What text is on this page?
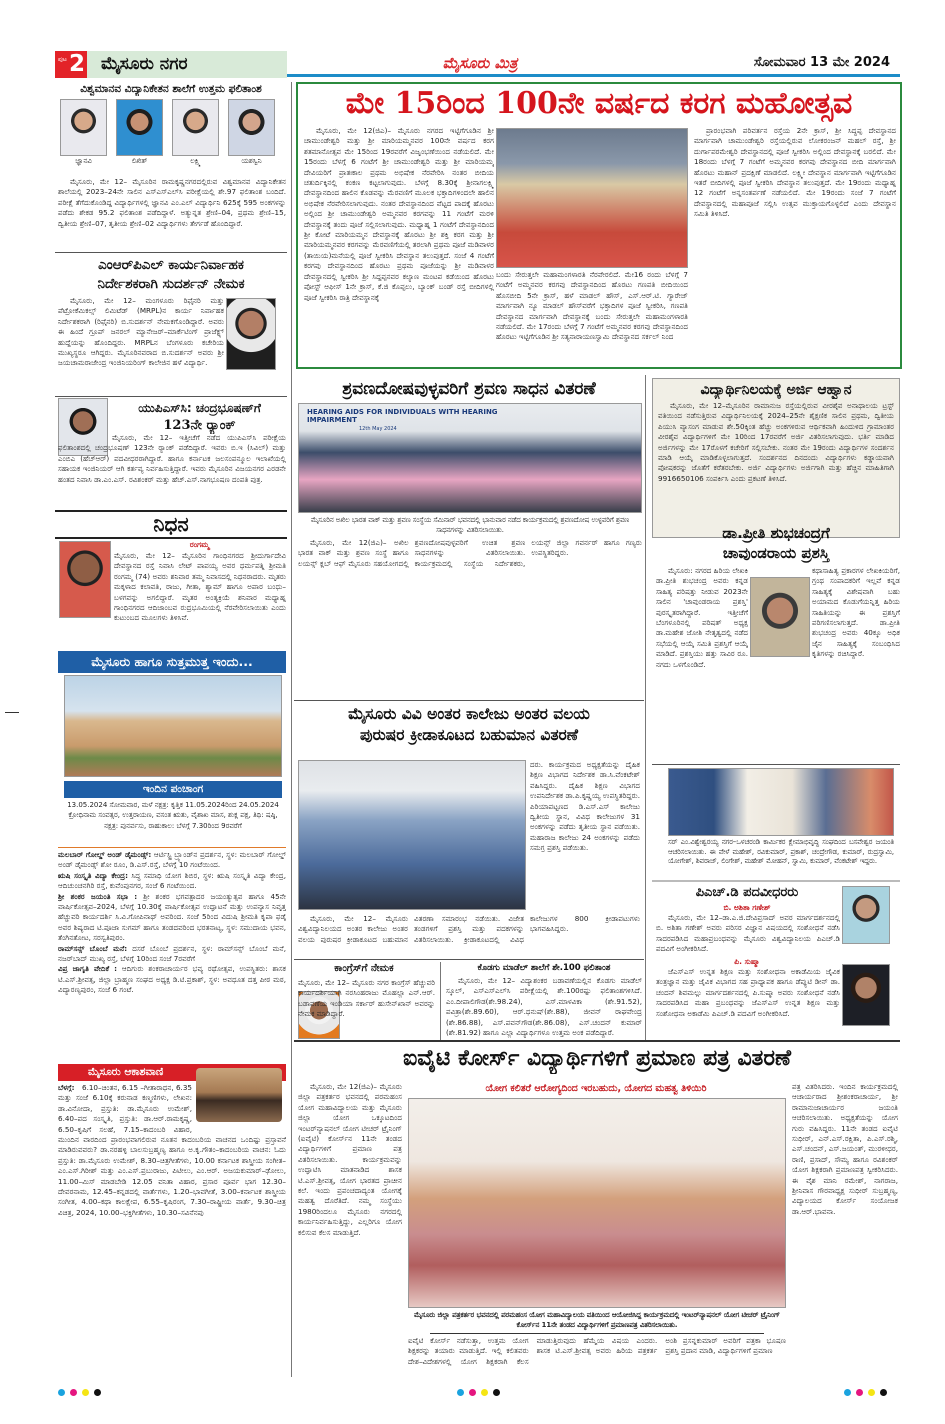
ಪುಟ 2 ಮೈಸೂರು ನಗರ	ಮೈಸೂರು ಮಿತ್ರ	ಸೋಮವಾರ 13 ಮೇ 2024
ವಿಶ್ವಮಾನವ ವಿದ್ಯಾನಿಕೇತನ ಶಾಲೆಗೆ ಉತ್ತಮ ಫಲಿತಾಂಶ
ಜ್ಞಾನವಿ	ಲಿಖಿತ್	ಲಕ್ಷ್ಮಿ	ಯಶಸ್ವಿನಿ

ಮೈಸೂರು, ಮೇ 12– ಮೈಸೂರಿನ ರಾಮಕೃಷ್ಣನಗರದಲ್ಲಿರುವ ವಿಶ್ವಮಾನವ ವಿದ್ಯಾನಿಕೇತನ ಶಾಲೆಯಲ್ಲಿ 2023–24ನೇ ಸಾಲಿನ ಎಸ್‌ಎಸ್‌ಎಲ್‌ಸಿ ಪರೀಕ್ಷೆಯಲ್ಲಿ ಶೇ.97 ಫಲಿತಾಂಶ ಬಂದಿದೆ. ಪರೀಕ್ಷೆ ತೆಗೆದುಕೊಂಡಿದ್ದ ವಿದ್ಯಾರ್ಥಿಗಳಲ್ಲಿ ಜ್ಞಾನವಿ ಎಂ.ಎಲ್ ವಿದ್ಯಾರ್ಥಿನಿ 625ಕ್ಕೆ 595 ಅಂಕಗಳನ್ನು ಪಡೆದು ಶೇಕಡ 95.2 ಫಲಿತಾಂಶ ಪಡೆದಿದ್ದಾಳೆ. ಅತ್ಯುನ್ನತ ಶ್ರೇಣಿ–04, ಪ್ರಥಮ ಶ್ರೇಣಿ–15, ದ್ವಿತೀಯ ಶ್ರೇಣಿ–07, ತೃತೀಯ ಶ್ರೇಣಿ–02 ವಿದ್ಯಾರ್ಥಿಗಳು ತೇರ್ಗಡೆ ಹೊಂದಿದ್ದಾರೆ.

ಎಂಆರ್‌ಪಿಎಲ್ ಕಾರ್ಯನಿರ್ವಾಹಕ
ನಿರ್ದೇಶಕರಾಗಿ ಸುದರ್ಶನ್ ನೇಮಕ

ಮೈಸೂರು, ಮೇ 12– ಮಂಗಳೂರು ರಿಫೈನರಿ ಮತ್ತು ಪೆಟ್ರೋಕೆಮಿಕಲ್ಸ್ ಲಿಮಿಟೆಡ್ (MRPL)ನ ಕಾರ್ಯ ನಿರ್ವಾಹಕ ನಿರ್ದೇಶಕರಾಗಿ (ರಿಫೈನರಿ) ಬಿ.ಸುದರ್ಶನ್ ನೇಮಕಗೊಂಡಿದ್ದಾರೆ. ಅವರು ಈ ಹಿಂದೆ ಗ್ರೂಪ್ ಜನರಲ್ ಮ್ಯಾನೇಜರ್–ಮಾರ್ಕೆಟಿಂಗ್ ಪ್ರಾಜೆಕ್ಟ್ಸ್ ಹುದ್ದೆಯನ್ನು ಹೊಂದಿದ್ದರು. MRPLನ ಬೆಂಗಳೂರು ಕಚೇರಿಯ ಮುಖ್ಯಸ್ಥರೂ ಆಗಿದ್ದರು. ಮೈಸೂರಿನವರಾದ ಬಿ.ಸುದರ್ಶನ್ ಅವರು ಶ್ರೀ ಜಯಚಾಮರಾಜೇಂದ್ರ ಇಂಜಿನಿಯರಿಂಗ್ ಕಾಲೇಜಿನ ಹಳೆ ವಿದ್ಯಾರ್ಥಿ.

ಯುಪಿಎಸ್‌ಸಿ: ಚಂದ್ರಭೂಷಣ್‌ಗೆ
123ನೇ ರ್‍ಯಾಂಕ್

ಮೈಸೂರು, ಮೇ 12– ಇತ್ತೀಚೆಗೆ ನಡೆದ ಯುಪಿಎಸ್‌ಸಿ ಪರೀಕ್ಷೆಯ ಫಲಿತಾಂಶದಲ್ಲಿ ಚಂದ್ರಭೂಷಣ್ 123ನೇ ರ್‍ಯಾಂಕ್ ಪಡೆದಿದ್ದಾರೆ. ಇವರು ಬಿ.ಇ (ಸಿವಿಲ್) ಮತ್ತು ಎಂಬಿಎ (ಹೆಚ್‌ಆರ್) ಪದವೀಧರರಾಗಿದ್ದಾರೆ. ಹಾಗೂ ಕರ್ನಾಟಕ ಜಲಸಂಪನ್ಮೂಲ ಇಲಾಖೆಯಲ್ಲಿ ಸಹಾಯಕ ಇಂಜಿನಿಯರ್ ಆಗಿ ಕರ್ತವ್ಯ ನಿರ್ವಹಿಸುತ್ತಿದ್ದಾರೆ. ಇವರು ಮೈಸೂರಿನ ವಿಜಯನಗರ ಎರಡನೇ ಹಂತದ ನಿವಾಸಿ ಡಾ.ಎಂ.ಎಸ್. ರವಿಶಂಕರ್ ಮತ್ತು ಹೆಚ್.ಎಸ್.ನಾಗಭೂಷಣ ದಂಪತಿ ಪುತ್ರ.

ನಿಧನ
ರಂಗಮ್ಮ

ಮೈಸೂರು, ಮೇ 12– ಮೈಸೂರಿನ ಗಾಂಧಿನಗರದ ಶ್ರೀದುರ್ಗಾದೇವಿ ದೇವಸ್ಥಾನದ ರಸ್ತೆ ನಿವಾಸಿ ಲೇಟ್ ಪಾಪಯ್ಯ ಅವರ ಧರ್ಮಪತ್ನಿ ಶ್ರೀಮತಿ ರಂಗಮ್ಮ (74) ಅವರು ಶನಿವಾರ ತಮ್ಮ ನಿವಾಸದಲ್ಲಿ ನಿಧನರಾದರು. ಮೃತರು ಮಕ್ಕಳಾದ ಕಲಾವತಿ, ರಾಜು, ಗೀತಾ, ಶ್ಯಾಮ್ ಹಾಗೂ ಅಪಾರ ಬಂಧು–ಬಳಗವನ್ನು ಅಗಲಿದ್ದಾರೆ. ಮೃತರ ಅಂತ್ಯಕ್ರಿಯೆ ಶನಿವಾರ ಮಧ್ಯಾಹ್ನ ಗಾಂಧಿನಗರದ ಆದಿಜಾಂಬವ ರುದ್ರಭೂಮಿಯಲ್ಲಿ ನೆರವೇರಿಸಲಾಯಿತು ಎಂದು ಕುಟುಂಬದ ಮೂಲಗಳು ತಿಳಿಸಿವೆ.

ಮೈಸೂರು ಹಾಗೂ ಸುತ್ತಮುತ್ತ ಇಂದು...
ಇಂದಿನ ಪಂಚಾಂಗ
13.05.2024 ಸೋಮವಾರ, ಮಳೆ ನಕ್ಷತ್ರ: ಕೃತ್ತಿಕ 11.05.2024ರಿಂದ 24.05.2024 ಕ್ರೋಧಿನಾಮ ಸಂವತ್ಸರ, ಉತ್ತರಾಯಣ, ವಸಂತ ಋತು, ವೈಶಾಖ ಮಾಸ, ಶುಕ್ಲ ಪಕ್ಷ, ತಿಥಿ: ಷಷ್ಠಿ, ನಕ್ಷತ್ರ: ಪುನರ್ವಸು, ರಾಹುಕಾಲ: ಬೆಳಗ್ಗೆ 7.30ರಿಂದ 9ರವರೆಗೆ
ಮಲಬಾರ್ ಗೋಲ್ಡ್ ಅಂಡ್ ಡೈಮಂಡ್ಸ್: ಆರ್ಟಿಸ್ಟ್ರಿ ಬ್ರ್ಯಾಂಡ್‌ನ ಪ್ರದರ್ಶನ, ಸ್ಥಳ: ಮಲಬಾರ್ ಗೋಲ್ಡ್ ಅಂಡ್ ಡೈಮಂಡ್ಸ್ ಶೋ ರೂಂ, ಡಿ.ಎಸ್.ರಸ್ತೆ, ಬೆಳಗ್ಗೆ 10 ಗಂಟೆಯಿಂದ.
ಋಷಿ ಸಂಸ್ಕೃತಿ ವಿದ್ಯಾ ಕೇಂದ್ರ: ಸಿದ್ಧ ಸಮಾಧಿ ಯೋಗ ಶಿಬಿರ, ಸ್ಥಳ: ಋಷಿ ಸಂಸ್ಕೃತಿ ವಿದ್ಯಾ ಕೇಂದ್ರ, ಆದಿಚುಂಚನಗಿರಿ ರಸ್ತೆ, ಕುವೆಂಪುನಗರ, ಸಂಜೆ 6 ಗಂಟೆಯಿಂದ.
ಶ್ರೀ ಶಂಕರ ಜಯಂತಿ ಸಭಾ : ಶ್ರೀ ಶಂಕರ ಭಗವತ್ಪಾದರ ಜಯಂತ್ಯುತ್ಸವ ಹಾಗೂ 45ನೇ ವಾರ್ಷಿಕೋತ್ಸವ–2024, ಬೆಳಗ್ಗೆ 10.30ಕ್ಕೆ ವಾರ್ಷಿಕೋತ್ಸವ ಉದ್ಘಾಟನೆ ಮತ್ತು ಉಪನ್ಯಾಸ ನಿವೃತ್ತ ಹೆಚ್ಚುವರಿ ಕಾರ್ಯದರ್ಶಿ ಸಿ.ವಿ.ಗೋಪಿನಾಥ್ ಅವರಿಂದ. ಸಂಜೆ 5ರಿಂದ ವಿದುಷಿ ಶ್ರೀಮತಿ ಕೃಪಾ ಫಡ್ಕೆ ಅವರ ಶಿಷ್ಯರಾದ ಟಿ.ಪೂಜಾ ಸುಗಮ್ ಹಾಗೂ ತಂಡದವರಿಂದ ಭರತನಾಟ್ಯ, ಸ್ಥಳ: ಸಮುದಾಯ ಭವನ, ತೆಂಗಿನತೋಟ, ಸರಸ್ವತಿಪುರಂ.
ರಾಮ್‌ಸನ್ಸ್ ಬೊಂಬೆ ಮನೆ: ದಸರೆ ಬೊಂಬೆ ಪ್ರದರ್ಶನ, ಸ್ಥಳ: ರಾಮ್‌ಸನ್ಸ್ ಬೊಂಬೆ ಮನೆ, ನಜರ್‌ಬಾದ್ ಮುಖ್ಯ ರಸ್ತೆ, ಬೆಳಗ್ಗೆ 10ರಿಂದ ಸಂಜೆ 7ರವರೆಗೆ
ವಿಪ್ರ ಜಾಗೃತಿ ವೇದಿಕೆ : ಆದಿಗುರು ಶಂಕರಾಚಾರ್ಯರ ಭವ್ಯ ರಥೋತ್ಸವ, ಉಪಸ್ಥಿತರು: ಶಾಸಕ ಟಿ.ಎಸ್.ಶ್ರೀವತ್ಸ, ಜಿಲ್ಲಾ ಬ್ರಾಹ್ಮಣ ಸಂಘದ ಅಧ್ಯಕ್ಷ ಡಿ.ಟಿ.ಪ್ರಕಾಶ್, ಸ್ಥಳ: ಅವಧೂತ ದತ್ತ ಪೀಠ ಮಠ, ವಿದ್ಯಾರಣ್ಯಪುರಂ, ಸಂಜೆ 6 ಗಂಟೆ.
ಮೈಸೂರು ಆಕಾಶವಾಣಿ
ಬೆಳಗ್ಗೆ:	6.10–ಚಿಂತನ, 6.15 –ಗೀತಾರಾಧನ, 6.35 ಮತ್ತು ಸಂಜೆ 6.10ಕ್ಕೆ ಕರುನಾಡ ಕಣ್ಮಣಿಗಳು, ಲೇಖನ: ಡಾ.ವಿನೋದಾ, ಪ್ರಸ್ತುತಿ: ಡಾ.ಮೈಸೂರು ಉಮೇಶ್, 6.40–ಪದ ಸಂಸ್ಕೃತಿ, ಪ್ರಸ್ತುತಿ: ಡಾ.ಆರ್.ರಾಮಕೃಷ್ಣ, 6.50–ಕೃಷಿಗೆ ಸಲಹೆ, 7.15–ಕಾದಂಬರಿ ವಿಹಾರ, ಮುಂದಿನ ವಾರದಿಂದ ಪ್ರಾರಂಭವಾಗಲಿರುವ ನೂತನ ಕಾದಂಬರಿಯ ವಾಚನದ ಒಂದಿಷ್ಟು ಪ್ರಸ್ತಾವನೆ ಮಾಡಿರುವವರು? ಡಾ.ನರಹಳ್ಳಿ ಬಾಲಸುಬ್ರಹ್ಮಣ್ಯ ಹಾಗೂ ಅ.ಕೃ.ಗೌತಂ–ಕಾದಂಬರಿಯ ವಾಚನ: ಓದು ಪ್ರಸ್ತುತಿ: ಡಾ.ಮೈಸೂರು ಉಮೇಶ್, 8.30–ಚಿತ್ರಗೀತೆಗಳು, 10.00 ಕರ್ನಾಟಕ ಶಾಸ್ತ್ರೀಯ ಸಂಗೀತ–ಎಂ.ಎಸ್.ಗಿರೀಶ್ ಮತ್ತು ಎಂ.ಎಸ್.ಪ್ರಬುರಾಜು, ಪಿಟೀಲು, ಎಂ.ಆರ್. ಅಜಯಕುಮಾರ್–ಢೋಲು, 11.00–ಮಿಸ್ ಮಾಡಬೇಡಿ 12.05 ವನಿತಾ ವಿಹಾರ, ಪ್ರಸಾರ ಪೂರ್ವ ಭಾಗ 12.30–ದೇವರನಾಮ, 12.45–ಕನ್ನಡದಲ್ಲಿ ವಾರ್ತೆಗಳು, 1.20–ಭಾವಗೀತೆ, 3.00–ಕರ್ನಾಟಕ ಶಾಸ್ತ್ರೀಯ ಸಂಗೀತ, 4.00–ಕಥಾ ಕಾಲಕ್ಷೇಪ, 6.55–ಕೃಷಿರಂಗ, 7.30–ರಾಷ್ಟ್ರೀಯ ವಾರ್ತೆ, 9.30–ಚಿತ್ರ ವಿಚಿತ್ರ, 2024, 10.00–ಭಕ್ತಿಗೀತೆಗಳು, 10.30–ಸವಿನೆನಪು
ಮೇ 15ರಿಂದ 100ನೇ ವರ್ಷದ ಕರಗ ಮಹೋತ್ಸವ

ಮೈಸೂರು, ಮೇ 12(ಜಿಎ)– ಮೈಸೂರು ನಗರದ ಇಟ್ಟಿಗೆಗೂಡಿನ ಶ್ರೀ ಚಾಮುಂಡೇಶ್ವರಿ ಮತ್ತು ಶ್ರೀ ಮಾರಿಯಮ್ಮನವರ 100ನೇ ವರ್ಷದ ಕರಗ ಶತಮಾನೋತ್ಸವ ಮೇ 15ರಿಂದ 19ರವರೆಗೆ ವಿಜೃಂಭಣೆಯಿಂದ ನಡೆಯಲಿದೆ. ಮೇ 15ರಂದು ಬೆಳಗ್ಗೆ 6 ಗಂಟೆಗೆ ಶ್ರೀ ಚಾಮುಂಡೇಶ್ವರಿ ಮತ್ತು ಶ್ರೀ ಮಾರಿಯಮ್ಮ ದೇವಿಯರಿಗೆ ಪ್ರಾತಃಕಾಲ ಪ್ರಥಮ ಅಭಿಷೇಕ ನೆರವೇರಿಸಿ ನಂತರ ಬೀದಿಯ ಚತುರ್ದಿಕ್ಕಿನಲ್ಲಿ ಕಂಕಣ ಕಟ್ಟಲಾಗುವುದು. ಬೆಳಗ್ಗೆ 8.30ಕ್ಕೆ ಶ್ರೀನಾಗಲಕ್ಷ್ಮಿ ದೇವಸ್ಥಾನದಿಂದ ಹಾಲಿನ ಕೊಡವನ್ನು ಮೆರವಣಿಗೆ ಮೂಲಕ ಭಕ್ತಾದಿಗಳಿಂದಲೇ ಹಾಲಿನ ಅಭಿಷೇಕ ನೆರವೇರಿಸಲಾಗುವುದು. ನಂತರ ದೇವಸ್ಥಾನದಿಂದ ವೆಟ್ಟದ ಪಾದಕ್ಕೆ ಹೊರಟು ಅಲ್ಲಿಂದ ಶ್ರೀ ಚಾಮುಂಡೇಶ್ವರಿ ಅಮ್ಮನವರ ಕರಗವನ್ನು 11 ಗಂಟೆಗೆ ಮರಳಿ ದೇವಸ್ಥಾನಕ್ಕೆ ತಂದು ಪೂಜೆ ಸಲ್ಲಿಸಲಾಗುವುದು. ಮಧ್ಯಾಹ್ನ 1 ಗಂಟೆಗೆ ದೇವಸ್ಥಾನದಿಂದ ಶ್ರೀ ಕೋಟೆ ಮಾರಿಯಮ್ಮನ ದೇವಸ್ಥಾನಕ್ಕೆ ಹೊರಟು ಶ್ರೀ ಶಕ್ತಿ ಕರಗ ಮತ್ತು ಶ್ರೀ ಮಾರಿಯಮ್ಮನವರ ಕರಗವನ್ನು ಮೆರವಣಿಗೆಯಲ್ಲಿ ತರಲಾಗಿ ಪ್ರಥಮ ಪೂಜೆ ಮಡಿವಾಳರ (ತಾಯಿಯ)ಮನೆಯಲ್ಲಿ ಪೂಜೆ ಸ್ವೀಕರಿಸಿ ದೇವಸ್ಥಾನ ತಲುಪುತ್ತದೆ. ಸಂಜೆ 4 ಗಂಟೆಗೆ ಕರಗವು ದೇವಸ್ಥಾನದಿಂದ ಹೊರಟು ಪ್ರಥಮ ಪೂಜೆಯನ್ನು ಶ್ರೀ ಮಡಿವಾಳರ ದೇವಸ್ಥಾನದಲ್ಲಿ ಸ್ವೀಕರಿಸಿ ಶ್ರೀ ಸಿದ್ದಪ್ಪನವರ ಕಲ್ಯಾಣ ಮಂಟಪ ಕಡೆಯಿಂದ ಹೊರಟು ಪೋಸ್ಟ್ ಆಫೀಸ್ 1ನೇ ಕ್ರಾಸ್, ಕೆ.ಜಿ ಕೊಪ್ಪಲು, ಬ್ಯಾಂಕ್ ಬಂಡ್ ರಸ್ತೆ ಬೀದಿಗಳಲ್ಲಿ ಪೂಜೆ ಸ್ವೀಕರಿಸಿ ರಾತ್ರಿ ದೇವಸ್ಥಾನಕ್ಕೆ

ಬಂದು ಸೇರುತ್ತಲೇ ಮಹಾಮಂಗಳಾರತಿ ನೆರವೇರಲಿದೆ. ಮೇ16 ರಂದು ಬೆಳಗ್ಗೆ 7 ಗಂಟೆಗೆ ಅಮ್ಮನವರ ಕರಗವು ದೇವಸ್ಥಾನದಿಂದ ಹೊರಟು ಗಣಪತಿ ಬೀದಿಯಿಂದ ಹೊಸಬೀದಿ 5ನೇ ಕ್ರಾಸ್, ಹಳೆ ಮಾಡಲ್ ಹೌಸ್, ಎಸ್.ಆರ್.ಟಿ. ಗ್ಯಾರೇಜ್ ಮಾರ್ಗವಾಗಿ ನ್ಯೂ ಮಾಡಲ್ ಹೌಸ್‌ವರೆಗೆ ಭಕ್ತಾದಿಗಳ ಪೂಜೆ ಸ್ವೀಕರಿಸಿ, ಗಣಪತಿ ದೇವಸ್ಥಾನದ ಮಾರ್ಗವಾಗಿ ದೇವಸ್ಥಾನಕ್ಕೆ ಬಂದು ಸೇರುತ್ತಲೇ ಮಹಾಮಂಗಳಾರತಿ ನಡೆಯಲಿದೆ. ಮೇ 17ರಂದು ಬೆಳಗ್ಗೆ 7 ಗಂಟೆಗೆ ಅಮ್ಮನವರ ಕರಗವು ದೇವಸ್ಥಾನದಿಂದ ಹೊರಟು ಇಟ್ಟಿಗೆಗೂಡಿನ ಶ್ರೀ ಸತ್ಯನಾರಾಯಣಸ್ವಾಮಿ ದೇವಸ್ಥಾನದ ಸರ್ಕಲ್ ನಿಂದ

ಪ್ರಾರಂಭವಾಗಿ ಪರಿವರ್ತನ ರಸ್ತೆಯ 2ನೇ ಕ್ರಾಸ್, ಶ್ರೀ ಸಿದ್ಧಪ್ಪ ದೇವಸ್ಥಾನದ ಮಾರ್ಗವಾಗಿ ಚಾಮುಂಡೇಶ್ವರಿ ರಸ್ತೆಯಲ್ಲಿರುವ ಲೋಕರಂಜನ್ ಮಹಲ್ ರಸ್ತೆ, ಶ್ರೀ ದುರ್ಗಾಪರಮೇಶ್ವರಿ ದೇವಸ್ಥಾನದಲ್ಲಿ ಪೂಜೆ ಸ್ವೀಕರಿಸಿ ಅಲ್ಲಿಂದ ದೇವಸ್ಥಾನಕ್ಕೆ ಬರಲಿದೆ. ಮೇ 18ರಂದು ಬೆಳಗ್ಗೆ 7 ಗಂಟೆಗೆ ಅಮ್ಮನವರ ಕರಗವು ದೇವಸ್ಥಾನದ ಬೀದಿ ಮಾರ್ಗವಾಗಿ ಹೊರಟು ಮಹಾನ್ ಪ್ರದಕ್ಷಿಣೆ ಮಾಡಲಿದೆ. ಲಕ್ಷ್ಮೀ ದೇವಸ್ಥಾನ ಮಾರ್ಗವಾಗಿ ಇಟ್ಟಿಗೆಗೂಡಿನ ಇತರೆ ಬೀದಿಗಳಲ್ಲಿ ಪೂಜೆ ಸ್ವೀಕರಿಸಿ ದೇವಸ್ಥಾನ ತಲುಪುತ್ತದೆ. ಮೇ 19ರಂದು ಮಧ್ಯಾಹ್ನ 12 ಗಂಟೆಗೆ ಅನ್ನಸಂತರ್ಪಣೆ ನಡೆಯಲಿದೆ. ಮೇ 19ರಂದು ಸಂಜೆ 7 ಗಂಟೆಗೆ ದೇವಸ್ಥಾನದಲ್ಲಿ ಮಹಾಪೂಜೆ ಸಲ್ಲಿಸಿ ಉತ್ಸವ ಮುಕ್ತಾಯಗೊಳ್ಳಲಿದೆ ಎಂದು ದೇವಸ್ಥಾನ ಸಮಿತಿ ತಿಳಿಸಿದೆ.

ಶ್ರವಣದೋಷವುಳ್ಳವರಿಗೆ ಶ್ರವಣ ಸಾಧನ ವಿತರಣೆ
HEARING AIDS FOR INDIVIDUALS WITH HEARING IMPAIRMENT
12th May 2024
ಮೈಸೂರಿನ ಅಖಿಲ ಭಾರತ ವಾಕ್ ಮತ್ತು ಶ್ರವಣ ಸಂಸ್ಥೆಯ ಸೆಮಿನಾರ್ ಭವನದಲ್ಲಿ ಭಾನುವಾರ ನಡೆದ ಕಾರ್ಯಕ್ರಮದಲ್ಲಿ ಶ್ರವಣದೋಷ ಉಳ್ಳವರಿಗೆ ಶ್ರವಣ ಸಾಧನಗಳನ್ನು ವಿತರಿಸಲಾಯಿತು.

ಮೈಸೂರು, ಮೇ 12(ಜಿಎ)– ಅಖಿಲ ಭಾರತ ವಾಕ್ ಮತ್ತು ಶ್ರವಣ ಸಂಸ್ಥೆ ಹಾಗೂ ಲಯನ್ಸ್ ಕ್ಲಬ್ ಆಫ್ ಮೈಸೂರು ಸಹಯೋಗದಲ್ಲಿ ಶ್ರವಣದೋಷವುಳ್ಳವರಿಗೆ ಉಚಿತ ಶ್ರವಣ ಸಾಧನಗಳನ್ನು ವಿತರಿಸಲಾಯಿತು. ಕಾರ್ಯಕ್ರಮದಲ್ಲಿ ಸಂಸ್ಥೆಯ ನಿರ್ದೇಶಕರು, ಲಯನ್ಸ್ ಜಿಲ್ಲಾ ಗವರ್ನರ್ ಹಾಗೂ ಗಣ್ಯರು ಉಪಸ್ಥಿತರಿದ್ದರು.

ಮೈಸೂರು ವಿವಿ ಅಂತರ ಕಾಲೇಜು ಅಂತರ ವಲಯ
ಪುರುಷರ ಕ್ರೀಡಾಕೂಟದ ಬಹುಮಾನ ವಿತರಣೆ

ದರು. ಕಾರ್ಯಕ್ರಮದ ಅಧ್ಯಕ್ಷತೆಯನ್ನು ದೈಹಿಕ ಶಿಕ್ಷಣ ವಿಭಾಗದ ನಿರ್ದೇಶಕ ಡಾ.ಸಿ.ವೆಂಕಟೇಶ್ ವಹಿಸಿದ್ದರು. ದೈಹಿಕ ಶಿಕ್ಷಣ ವಿಭಾಗದ ಉಪನಿರ್ದೇಶಕ ಡಾ.ಪಿ.ಕೃಷ್ಣಯ್ಯ ಉಪಸ್ಥಿತರಿದ್ದರು. ಪಿರಿಯಾಪಟ್ಟಣದ ಡಿ.ಎಸ್.ಎಸ್ ಕಾಲೇಜು ದ್ವಿತೀಯ ಸ್ಥಾನ, ವಿವಿಧ ಕಾಲೇಜುಗಳ 31 ಅಂಕಗಳನ್ನು ಪಡೆದು ತೃತೀಯ ಸ್ಥಾನ ಪಡೆಯಿತು. ಮಹಾರಾಜ ಕಾಲೇಜು 24 ಅಂಕಗಳನ್ನು ಪಡೆದು ಸಮಗ್ರ ಪ್ರಶಸ್ತಿ ಪಡೆಯಿತು.

ಮೈಸೂರು, ಮೇ 12– ಮೈಸೂರು ವಿಶ್ವವಿದ್ಯಾನಿಲಯದ ಅಂತರ ಕಾಲೇಜು ಅಂತರ ವಲಯ ಪುರುಷರ ಕ್ರೀಡಾಕೂಟದ ಬಹುಮಾನ ವಿತರಣಾ ಸಮಾರಂಭ ನಡೆಯಿತು. ವಿಜೇತ ತಂಡಗಳಿಗೆ ಪ್ರಶಸ್ತಿ ಮತ್ತು ಪದಕಗಳನ್ನು ವಿತರಿಸಲಾಯಿತು. ಕ್ರೀಡಾಕೂಟದಲ್ಲಿ ವಿವಿಧ ಕಾಲೇಜುಗಳ 800 ಕ್ರೀಡಾಪಟುಗಳು ಭಾಗವಹಿಸಿದ್ದರು.

ಕಾಂಗ್ರೆಸ್‌ಗೆ ನೇಮಕ

ಮೈಸೂರು, ಮೇ 12– ಮೈಸೂರು ನಗರ ಕಾಂಗ್ರೆಸ್ ಹೆಚ್ಚುವರಿ ಕಾರ್ಯದರ್ಶಿಯಾಗಿ ನರಸಿಂಹರಾಜು ಮೊಹಲ್ಲಾ ಎನ್.ಆರ್. ಬಡಾವಣೆಯ ಇಂಡಿಯಾ ಸರ್ಕಾರ್ ಹುಸೇನ್‌ಖಾನ್ ಅವರನ್ನು ನೇಮಕ ಮಾಡಿದ್ದಾರೆ.

ಕೊಡಗು ಮಾಡೆಲ್ ಶಾಲೆಗೆ ಶೇ.100 ಫಲಿತಾಂಶ

ಮೈಸೂರು, ಮೇ 12– ವಿದ್ಯಾಶಂಕರ ಬಡಾವಣೆಯಲ್ಲಿನ ಕೊಡಗು ಮಾಡೆಲ್ ಸ್ಕೂಲ್, ಎಸ್‌ಎಸ್‌ಎಲ್‌ಸಿ ಪರೀಕ್ಷೆಯಲ್ಲಿ ಶೇ.100ರಷ್ಟು ಫಲಿತಾಂಶಗಳಿಸಿದೆ. ಎಂ.ದೀಪಾಲಿಗೌಡ(ಶೇ.98.24), ಎಸ್.ಮಾಳವಿಕಾ (ಶೇ.91.52), ಪವಿತ್ರಾ(ಶೇ.89.60), ಆರ್.ಧನುಷ್(ಶೇ.88), ಜೀವನ್ ರಾಘವೇಂದ್ರ (ಶೇ.86.88), ಎಸ್.ಪವನ್‌ಗೌಡ(ಶೇ.86.08), ಎಸ್.ಚಂದನ್ ಕುಮಾರ್ (ಶೇ.81.92) ಹಾಗೂ ಎಲ್ಲಾ ವಿದ್ಯಾರ್ಥಿಗಳೂ ಉತ್ತಮ ಅಂಕ ಪಡೆದಿದ್ದಾರೆ.

ವಿದ್ಯಾರ್ಥಿನಿಲಯಕ್ಕೆ ಅರ್ಜಿ ಆಹ್ವಾನ

ಮೈಸೂರು, ಮೇ 12–ಮೈಸೂರಿನ ರಾಮಾನುಜ ರಸ್ತೆಯಲ್ಲಿರುವ ವೀರಶೈವ ಅನಾಥಾಲಯ ಟ್ರಸ್ಟ್ ವತಿಯಿಂದ ನಡೆಸುತ್ತಿರುವ ವಿದ್ಯಾರ್ಥಿನಿಲಯಕ್ಕೆ 2024–25ನೇ ಶೈಕ್ಷಣಿಕ ಸಾಲಿನ ಪ್ರಥಮ, ದ್ವಿತೀಯ ಪಿಯುಸಿ ವ್ಯಾಸಂಗ ಮಾಡುವ ಶೇ.50ಕ್ಕಿಂತ ಹೆಚ್ಚು ಅಂಕಗಳಿರುವ ಆರ್ಥಿಕವಾಗಿ ಹಿಂದುಳಿದ ಗ್ರಾಮಾಂತರ ವೀರಶೈವ ವಿದ್ಯಾರ್ಥಿಗಳಿಗೆ ಮೇ 10ರಿಂದ 17ರವರೆಗೆ ಅರ್ಜಿ ವಿತರಿಸಲಾಗುವುದು. ಭರ್ತಿ ಮಾಡಿದ ಅರ್ಜಿಗಳನ್ನು ಮೇ 17ರೊಳಗೆ ಕಚೇರಿಗೆ ಸಲ್ಲಿಸಬೇಕು. ನಂತರ ಮೇ 19ರಂದು ವಿದ್ಯಾರ್ಥಿಗಳ ಸಂದರ್ಶನ ಮಾಡಿ ಆಯ್ಕೆ ಮಾಡಿಕೊಳ್ಳಲಾಗುತ್ತದೆ. ಸಂದರ್ಶನದ ದಿನದಂದು ವಿದ್ಯಾರ್ಥಿಗಳು ಕಡ್ಡಾಯವಾಗಿ ಪೋಷಕರನ್ನು ಜೊತೆಗೆ ಕರೆತರಬೇಕು. ಅರ್ಜಿ ವಿದ್ಯಾರ್ಥಿಗಳು ಅರ್ಜಿಗಾಗಿ ಮತ್ತು ಹೆಚ್ಚಿನ ಮಾಹಿತಿಗಾಗಿ 9916650106 ಸಂಪರ್ಕಿಸಿ ಎಂದು ಪ್ರಕಟಣೆ ತಿಳಿಸಿದೆ.

ಡಾ.ಪ್ರೀತಿ ಶುಭಚಂದ್ರಗೆ
ಚಾವುಂಡರಾಯ ಪ್ರಶಸ್ತಿ

ಮೈಸೂರು: ನಗರದ ಹಿರಿಯ ಲೇಖಕಿ ಡಾ.ಪ್ರೀತಿ ಶುಭಚಂದ್ರ ಅವರು ಕನ್ನಡ ಸಾಹಿತ್ಯ ಪರಿಷತ್ತು ನೀಡುವ 2023ನೇ ಸಾಲಿನ 'ಚಾವುಂಡರಾಯ ಪ್ರಶಸ್ತಿ' ಪುರಸ್ಕೃತರಾಗಿದ್ದಾರೆ. ಇತ್ತೀಚೆಗೆ ಬೆಂಗಳೂರಿನಲ್ಲಿ ಪರಿಷತ್ ಅಧ್ಯಕ್ಷ ಡಾ.ಮಹೇಶ ಜೋಶಿ ನೇತೃತ್ವದಲ್ಲಿ ನಡೆದ ಸಭೆಯಲ್ಲಿ ಆಯ್ಕೆ ಸಮಿತಿ ಪ್ರಶಸ್ತಿಗೆ ಆಯ್ಕೆ ಮಾಡಿದೆ. ಪ್ರಶಸ್ತಿಯು ಹತ್ತು ಸಾವಿರ ರೂ. ನಗದು ಒಳಗೊಂಡಿದೆ.

ಕಥಾಸಾಹಿತ್ಯ ಪ್ರಕಾರಗಳ ಲೇಖಕಿಯರಿಗೆ, ಗ್ರಂಥ ಸಂಪಾದಕರಿಗೆ ಇಲ್ಲವೆ ಕನ್ನಡ ಸಾಹಿತ್ಯಕ್ಕೆ ವಿಶೇಷವಾಗಿ ಬಹು ಅಯಾಮದ ಕೊಡುಗೆಯನ್ನಿತ್ತ ಹಿರಿಯ ಸಾಹಿತಿಯನ್ನು ಈ ಪ್ರಶಸ್ತಿಗೆ ಪರಿಗಣಿಸಲಾಗುತ್ತದೆ. ಡಾ.ಪ್ರೀತಿ ಶುಭಚಂದ್ರ ಅವರು 40ಕ್ಕೂ ಅಧಿಕ ಜೈನ ಸಾಹಿತ್ಯಕ್ಕೆ ಸಂಬಂಧಿಸಿದ ಕೃತಿಗಳನ್ನು ರಚಿಸಿದ್ದಾರೆ.

ಸರ್ ಎಂ.ವಿಶ್ವೇಶ್ವರಯ್ಯ ನಗರ–ಒಳಚರಂಡಿ ಕಾರ್ಮಿಕರ ಕ್ಷೇಮಾಭಿವೃದ್ಧಿ ಸಂಘದಿಂದ ಬಸವೇಶ್ವರ ಜಯಂತಿ ಆಚರಿಸಲಾಯಿತು. ಈ ವೇಳೆ ಮಹೇಶ್, ರವಿಕುಮಾರ್, ಪ್ರಕಾಶ್, ಚಂದ್ರೇಗೌಡ, ಕುಮಾರ್, ರುದ್ರಸ್ವಾಮಿ, ಯೋಗೇಶ್, ಶಿವರಾಜ್, ಲಿಂಗೇಶ್, ಮಹೇಶ್ ಮೋಹನ್, ಸ್ವಾಮಿ, ಕುಮಾರ್, ವೆಂಕಟೇಶ್ ಇದ್ದರು.
ಪಿಎಚ್.ಡಿ ಪದವೀಧರರು
ಬಿ. ಅಶಿತಾ ಗಣೇಶ್

ಮೈಸೂರು, ಮೇ 12–ಡಾ.ಎ.ಜಿ.ದೇವಿಪ್ರಸಾದ್ ಅವರ ಮಾರ್ಗದರ್ಶನದಲ್ಲಿ ಬಿ. ಅಶಿತಾ ಗಣೇಶ್ ಅವರು ಪರಿಸರ ವಿಜ್ಞಾನ ವಿಷಯದಲ್ಲಿ ಸಂಶೋಧನೆ ನಡೆಸಿ ಸಾದರಪಡಿಸಿದ ಮಹಾಪ್ರಬಂಧವನ್ನು ಮೈಸೂರು ವಿಶ್ವವಿದ್ಯಾನಿಲಯ ಪಿಎಚ್.ಡಿ ಪದವಿಗೆ ಅಂಗೀಕರಿಸಿದೆ.

ಪಿ. ಸುಷ್ಮಾ

ಜೆಎಸ್‌ಎಸ್ ಉನ್ನತ ಶಿಕ್ಷಣ ಮತ್ತು ಸಂಶೋಧನಾ ಅಕಾಡೆಮಿಯ ಜೈವಿಕ ತಂತ್ರಜ್ಞಾನ ಮತ್ತು ಜೈವಿಕ ವಿಭಾಗದ ಸಹ ಪ್ರಾಧ್ಯಾಪಕ ಹಾಗೂ ಡೆಪ್ಯುಟಿ ಡೀನ್ ಡಾ. ಚಂದನ್ ಶಿವಮಲ್ಲು ಮಾರ್ಗದರ್ಶನದಲ್ಲಿ ಪಿ.ಸುಷ್ಮಾ ಅವರು ಸಂಶೋಧನೆ ನಡೆಸಿ ಸಾದರಪಡಿಸಿದ ಮಹಾ ಪ್ರಬಂಧವನ್ನು ಜೆಎಸ್‌ಎಸ್ ಉನ್ನತ ಶಿಕ್ಷಣ ಮತ್ತು ಸಂಶೋಧನಾ ಅಕಾಡೆಮಿ ಪಿಎಚ್.ಡಿ ಪದವಿಗೆ ಅಂಗೀಕರಿಸಿದೆ.

ಐವೈಟಿ ಕೋರ್ಸ್ ವಿದ್ಯಾರ್ಥಿಗಳಿಗೆ ಪ್ರಮಾಣ ಪತ್ರ ವಿತರಣೆ

ಮೈಸೂರು, ಮೇ 12(ಜಿಎ)– ಮೈಸೂರು ಜಿಲ್ಲಾ ಪತ್ರಕರ್ತರ ಭವನದಲ್ಲಿ ಪರಮಹಂಸ ಯೋಗ ಮಹಾವಿದ್ಯಾಲಯ ಮತ್ತು ಮೈಸೂರು ಜಿಲ್ಲಾ ಯೋಗ ಒಕ್ಕೂಟದಿಂದ ಇಂಟರ್‌ನ್ಯಾಷನಲ್ ಯೋಗ ಟೀಚರ್ ಟ್ರೈನಿಂಗ್ (ಐವೈಟಿ) ಕೋರ್ಸ್‌ನ 11ನೇ ತಂಡದ ವಿದ್ಯಾರ್ಥಿಗಳಿಗೆ ಪ್ರಮಾಣ ಪತ್ರ ವಿತರಿಸಲಾಯಿತು. ಕಾರ್ಯಕ್ರಮವನ್ನು ಉದ್ಘಾಟಿಸಿ ಮಾತನಾಡಿದ ಶಾಸಕ ಟಿ.ಎಸ್.ಶ್ರೀವತ್ಸ, ಯೋಗ ಭಾರತದ ಪ್ರಾಚೀನ ಕಲೆ. ಇಂದು ಪ್ರಪಂಚದಾದ್ಯಂತ ಯೋಗಕ್ಕೆ ಮಹತ್ವ ದೊರೆತಿದೆ. ನಮ್ಮ ಸಂಸ್ಥೆಯು 1980ರಿಂದಲೂ ಮೈಸೂರು ನಗರದಲ್ಲಿ ಕಾರ್ಯನಿರ್ವಹಿಸುತ್ತಿದ್ದು, ಎಲ್ಲರಿಗೂ ಯೋಗ ಕಲಿಸುವ ಕೆಲಸ ಮಾಡುತ್ತಿದೆ.

ಯೋಗ ಕಲಿತರೆ ಆರೋಗ್ಯದಿಂದ ಇರಬಹುದು, ಯೋಗದ ಮಹತ್ವ ತಿಳಿಯಿರಿ
ಮೈಸೂರು ಜಿಲ್ಲಾ ಪತ್ರಕರ್ತರ ಭವನದಲ್ಲಿ ಪರಮಹಂಸ ಯೋಗ ಮಹಾವಿದ್ಯಾಲಯ ವತಿಯಿಂದ ಆಯೋಜಿಸಿದ್ದ ಕಾರ್ಯಕ್ರಮದಲ್ಲಿ ಇಂಟರ್‌ನ್ಯಾಷನಲ್ ಯೋಗ ಟೀಚರ್ ಟ್ರೈನಿಂಗ್ ಕೋರ್ಸ್‌ನ 11ನೇ ತಂಡದ ವಿದ್ಯಾರ್ಥಿಗಳಿಗೆ ಪ್ರಮಾಣಪತ್ರ ವಿತರಿಸಲಾಯಿತು.

ಐವೈಟಿ ಕೋರ್ಸ್ ನಡೆಸುತ್ತಾ, ಉತ್ತಮ ಯೋಗ ಶಿಕ್ಷಕರನ್ನು ತಯಾರು ಮಾಡುತ್ತಿದೆ. ಇಲ್ಲಿ ಕಲಿತವರು ದೇಶ–ವಿದೇಶಗಳಲ್ಲಿ ಯೋಗ ಶಿಕ್ಷಕರಾಗಿ ಕೆಲಸ ಮಾಡುತ್ತಿರುವುದು ಹೆಮ್ಮೆಯ ವಿಷಯ ಎಂದರು. ಶಾಸಕ ಟಿ.ಎಸ್.ಶ್ರೀವತ್ಸ ಅವರು ಹಿರಿಯ ಪತ್ರಕರ್ತ ಅಂಶಿ ಪ್ರಸನ್ನಕುಮಾರ್ ಅವರಿಗೆ ಪತ್ರಕಾ ಭೂಷಣ ಪ್ರಶಸ್ತಿ ಪ್ರದಾನ ಮಾಡಿ, ವಿದ್ಯಾರ್ಥಿಗಳಿಗೆ ಪ್ರಮಾಣ

ಪತ್ರ ವಿತರಿಸಿದರು. ಇಂದಿನ ಕಾರ್ಯಕ್ರಮದಲ್ಲಿ ಆಚಾರ್ಯರಾದ ಶ್ರೀಶಂಕರಾಚಾರ್ಯ, ಶ್ರೀ ರಾಮಾನುಜಾಚಾರ್ಯರ ಜಯಂತಿ ಆಚರಿಸಲಾಯಿತು. ಅಧ್ಯಕ್ಷತೆಯನ್ನು ಯೋಗ ಗುರು ವಹಿಸಿದ್ದರು. 11ನೇ ತಂಡದ ಐವೈಟಿ ಸುಧೀರ್, ಎನ್.ಎಸ್.ರಕ್ಷಿತಾ, ಪಿ.ಎಸ್.ರಶ್ಮಿ, ಎಸ್.ಚಂದನ್, ಎಸ್.ಜಯಂತ್, ಮುರಳೀಧರ, ರಾಣಿ, ಪ್ರಸಾದ್, ಸೌಮ್ಯ ಹಾಗೂ ರವಿಶಂಕರ್ ಯೋಗ ಶಿಕ್ಷಕರಾಗಿ ಪ್ರಮಾಣಪತ್ರ ಸ್ವೀಕರಿಸಿದರು. ಈ ವೈಶ ಮಾನಿ ರಮೇಶ್, ನಾಗರಾಜ, ಶ್ರೀನಿವಾಸ ಗೌರವಾಧ್ಯಕ್ಷ ಸುಧೀರ್ ಸುಬ್ರಹ್ಮಣ್ಯ, ವಿದ್ಯಾಲಯದ ಕೋರ್ಸ್ ಸಂಯೋಜಕ ಡಾ.ಆರ್.ಭಾವನಾ.
